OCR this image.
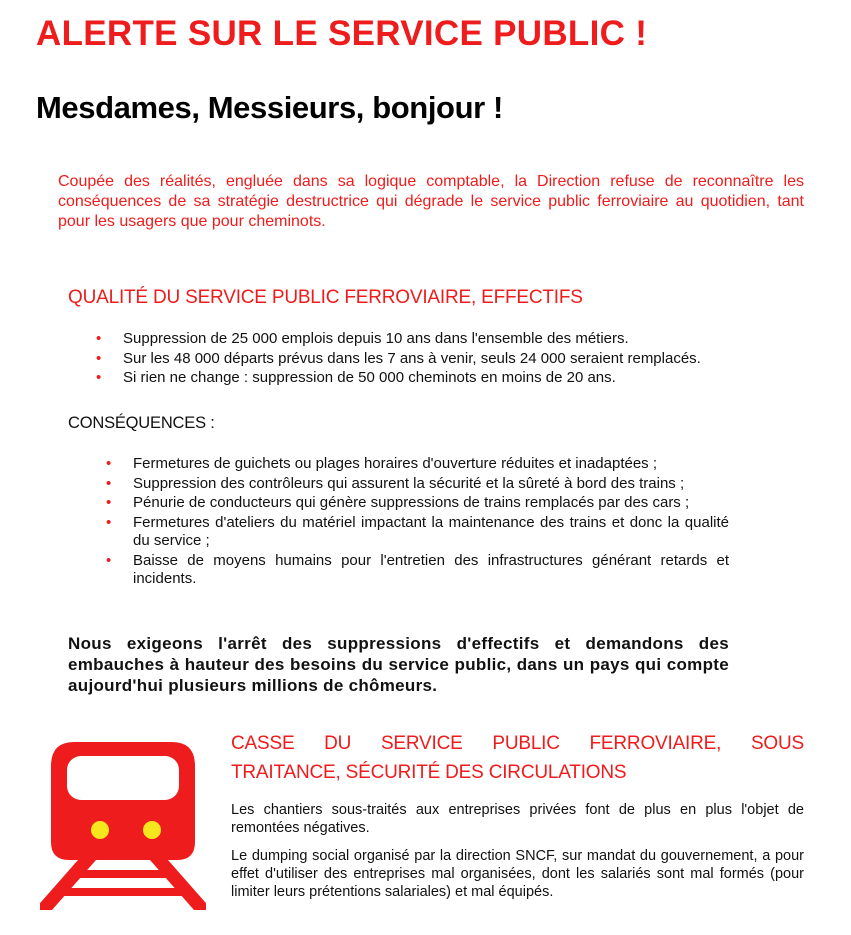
ALERTE SUR LE SERVICE PUBLIC !
Mesdames, Messieurs, bonjour !

Coupée des réalités, engluée dans sa logique comptable, la Direction refuse de reconnaître les conséquences de sa stratégie destructrice qui dégrade le service public ferroviaire au quotidien, tant pour les usagers que pour cheminots.

QUALITÉ DU SERVICE PUBLIC FERROVIAIRE, EFFECTIFS
• Suppression de 25 000 emplois depuis 10 ans dans l'ensemble des métiers.
• Sur les 48 000 départs prévus dans les 7 ans à venir, seuls 24 000 seraient remplacés.
• Si rien ne change : suppression de 50 000 cheminots en moins de 20 ans.
CONSÉQUENCES :
• Fermetures de guichets ou plages horaires d'ouverture réduites et inadaptées ;
• Suppression des contrôleurs qui assurent la sécurité et la sûreté à bord des trains ;
• Pénurie de conducteurs qui génère suppressions de trains remplacés par des cars ;
• Fermetures d'ateliers du matériel impactant la maintenance des trains et donc la qualité du service ;
• Baisse de moyens humains pour l'entretien des infrastructures générant retards et incidents.

Nous exigeons l'arrêt des suppressions d'effectifs et demandons des embauches à hauteur des besoins du service public, dans un pays qui compte aujourd'hui plusieurs millions de chômeurs.

CASSE DU SERVICE PUBLIC FERROVIAIRE, SOUS
TRAITANCE, SÉCURITÉ DES CIRCULATIONS

Les chantiers sous-traités aux entreprises privées font de plus en plus l'objet de remontées négatives.

Le dumping social organisé par la direction SNCF, sur mandat du gouvernement, a pour effet d'utiliser des entreprises mal organisées, dont les salariés sont mal formés (pour limiter leurs prétentions salariales) et mal équipés.
